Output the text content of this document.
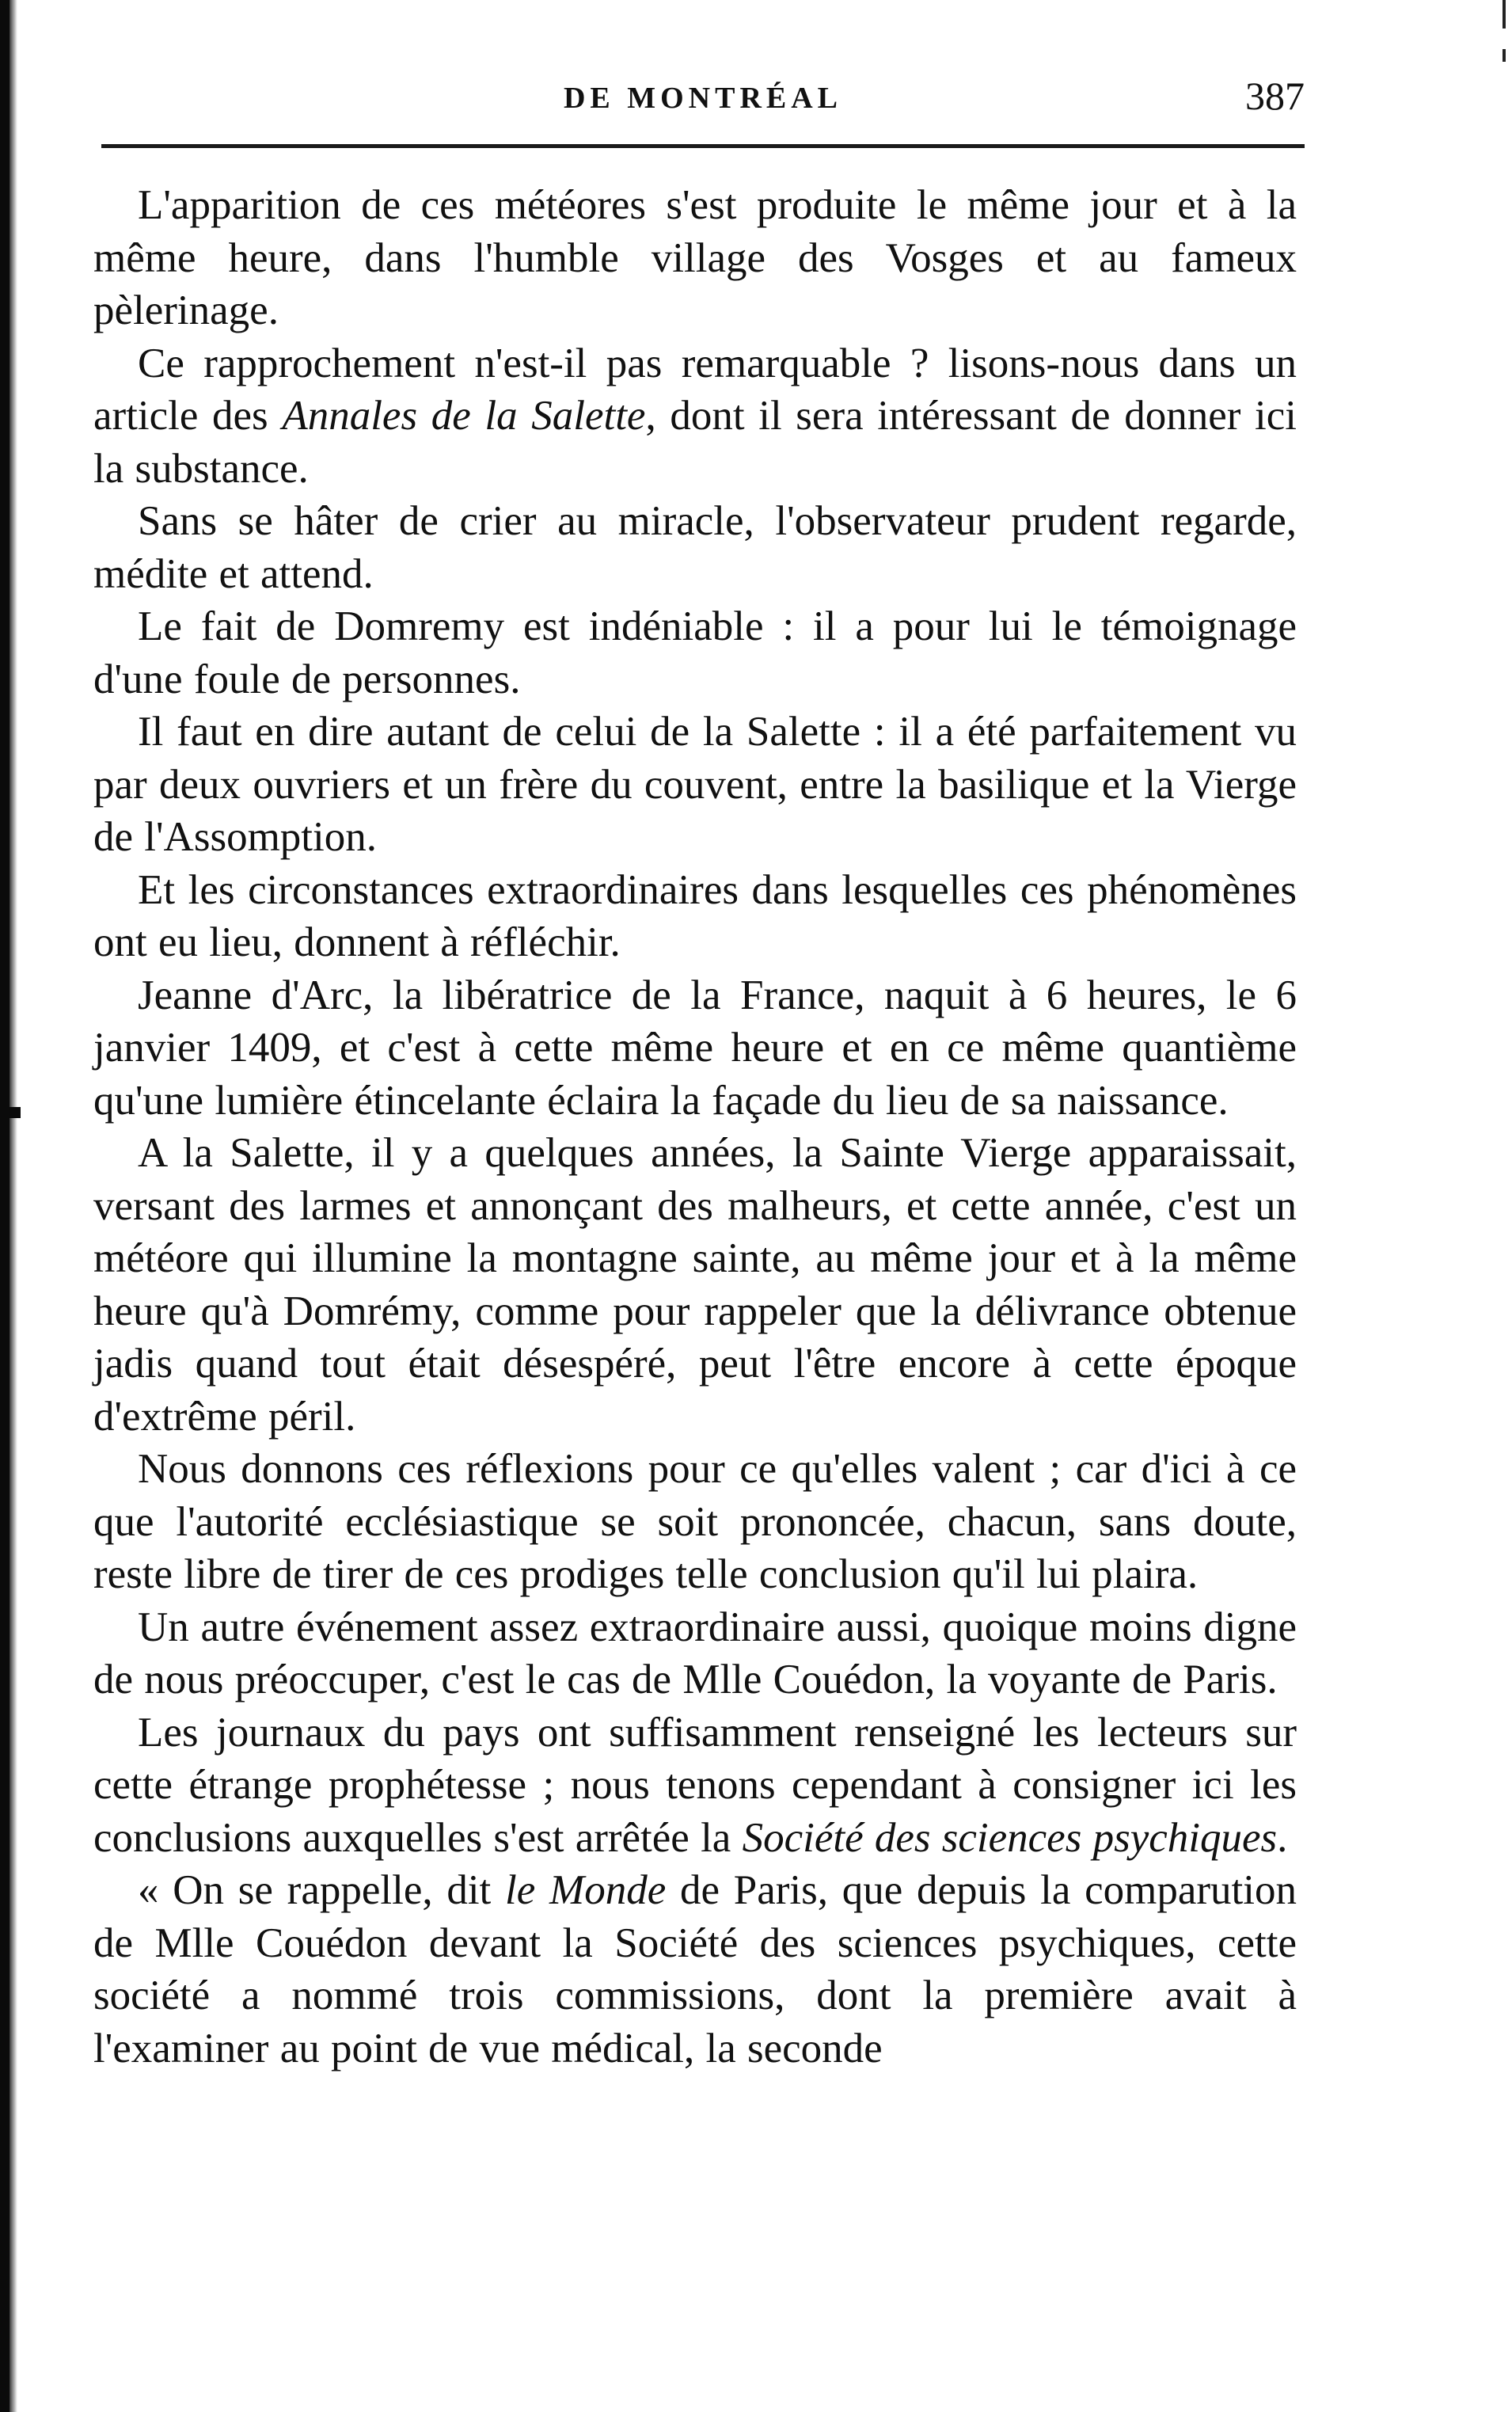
DE MONTRÉAL	387

L'apparition de ces météores s'est produite le même jour et à la même heure, dans l'humble village des Vosges et au fameux pèlerinage.

Ce rapprochement n'est-il pas remarquable ? lisons-nous dans un article des Annales de la Salette, dont il sera intéressant de donner ici la substance.

Sans se hâter de crier au miracle, l'observateur prudent regarde, médite et attend.

Le fait de Domremy est indéniable : il a pour lui le témoignage d'une foule de personnes.

Il faut en dire autant de celui de la Salette : il a été parfaitement vu par deux ouvriers et un frère du couvent, entre la basilique et la Vierge de l'Assomption.

Et les circonstances extraordinaires dans lesquelles ces phénomènes ont eu lieu, donnent à réfléchir.

Jeanne d'Arc, la libératrice de la France, naquit à 6 heures, le 6 janvier 1409, et c'est à cette même heure et en ce même quantième qu'une lumière étincelante éclaira la façade du lieu de sa naissance.

A la Salette, il y a quelques années, la Sainte Vierge apparaissait, versant des larmes et annonçant des malheurs, et cette année, c'est un météore qui illumine la montagne sainte, au même jour et à la même heure qu'à Domrémy, comme pour rappeler que la délivrance obtenue jadis quand tout était désespéré, peut l'être encore à cette époque d'extrême péril.

Nous donnons ces réflexions pour ce qu'elles valent ; car d'ici à ce que l'autorité ecclésiastique se soit prononcée, chacun, sans doute, reste libre de tirer de ces prodiges telle conclusion qu'il lui plaira.

Un autre événement assez extraordinaire aussi, quoique moins digne de nous préoccuper, c'est le cas de Mlle Couédon, la voyante de Paris.

Les journaux du pays ont suffisamment renseigné les lecteurs sur cette étrange prophétesse ; nous tenons cependant à consigner ici les conclusions auxquelles s'est arrêtée la Société des sciences psychiques.

« On se rappelle, dit le Monde de Paris, que depuis la comparution de Mlle Couédon devant la Société des sciences psychiques, cette société a nommé trois commissions, dont la première avait à l'examiner au point de vue médical, la seconde
